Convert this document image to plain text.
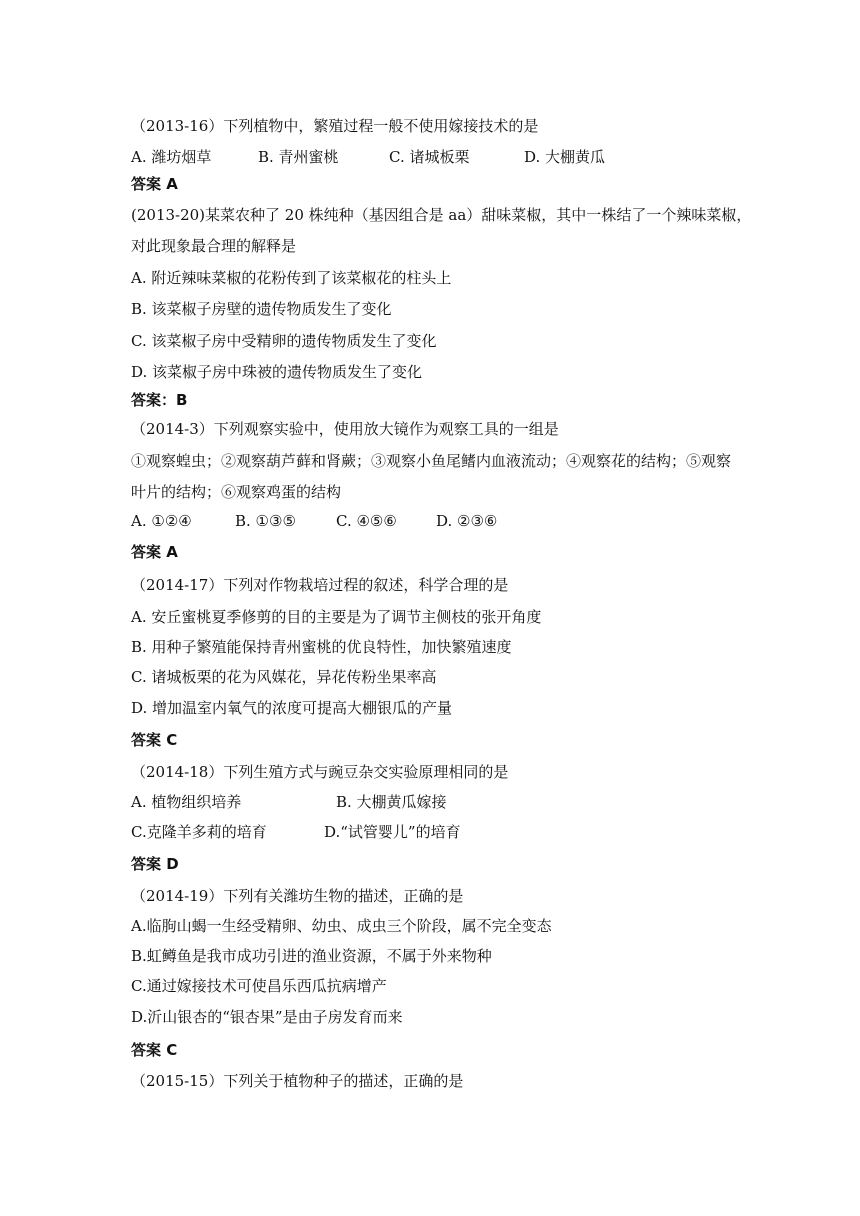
（2013-16）下列植物中，繁殖过程一般不使用嫁接技术的是
A. 潍坊烟草	B. 青州蜜桃	C. 诸城板栗	D. 大棚黄瓜
答案 A
(2013-20)某菜农种了 20 株纯种（基因组合是 aa）甜味菜椒，其中一株结了一个辣味菜椒，
对此现象最合理的解释是
A. 附近辣味菜椒的花粉传到了该菜椒花的柱头上
B. 该菜椒子房壁的遗传物质发生了变化
C. 该菜椒子房中受精卵的遗传物质发生了变化
D. 该菜椒子房中珠被的遗传物质发生了变化
答案：B
（2014-3）下列观察实验中，使用放大镜作为观察工具的一组是
①观察蝗虫；②观察葫芦藓和肾蕨；③观察小鱼尾鳍内血液流动；④观察花的结构；⑤观察
叶片的结构；⑥观察鸡蛋的结构
A. ①②④	B. ①③⑤	C. ④⑤⑥	D. ②③⑥
答案 A
（2014-17）下列对作物栽培过程的叙述，科学合理的是
A. 安丘蜜桃夏季修剪的目的主要是为了调节主侧枝的张开角度
B. 用种子繁殖能保持青州蜜桃的优良特性，加快繁殖速度
C. 诸城板栗的花为风媒花，异花传粉坐果率高
D. 增加温室内氧气的浓度可提高大棚银瓜的产量
答案 C
（2014-18）下列生殖方式与豌豆杂交实验原理相同的是
A. 植物组织培养	B. 大棚黄瓜嫁接
C.克隆羊多莉的培育	D.“试管婴儿”的培育
答案 D
（2014-19）下列有关潍坊生物的描述，正确的是
A.临朐山蝎一生经受精卵、幼虫、成虫三个阶段，属不完全变态
B.虹鳟鱼是我市成功引进的渔业资源，不属于外来物种
C.通过嫁接技术可使昌乐西瓜抗病增产
D.沂山银杏的“银杏果”是由子房发育而来
答案 C
（2015-15）下列关于植物种子的描述，正确的是
